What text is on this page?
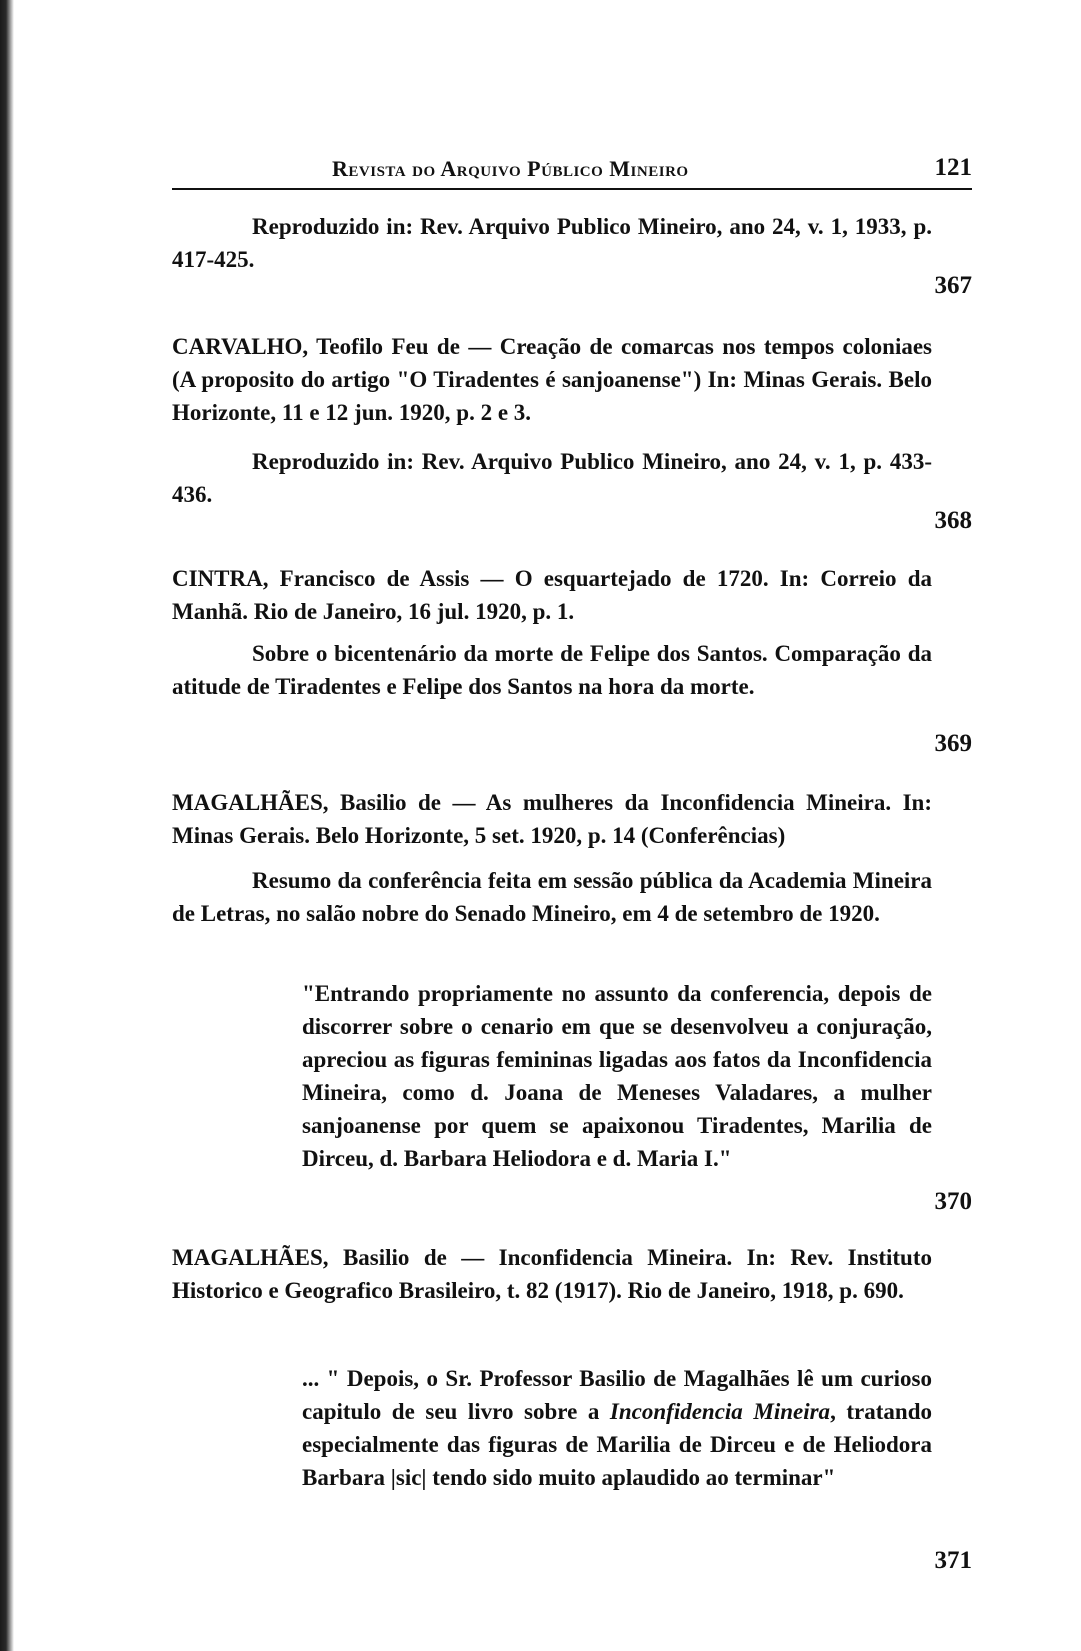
Revista do Arquivo Público Mineiro	121
Reproduzido in: Rev. Arquivo Publico Mineiro, ano 24, v. 1, 1933, p. 417-425.
367
CARVALHO, Teofilo Feu de — Creação de comarcas nos tempos coloniaes (A proposito do artigo "O Tiradentes é sanjoanense") In: Minas Gerais. Belo Horizonte, 11 e 12 jun. 1920, p. 2 e 3.
Reproduzido in: Rev. Arquivo Publico Mineiro, ano 24, v. 1, p. 433-436.
368
CINTRA, Francisco de Assis — O esquartejado de 1720. In: Correio da Manhã. Rio de Janeiro, 16 jul. 1920, p. 1.
Sobre o bicentenário da morte de Felipe dos Santos. Comparação da atitude de Tiradentes e Felipe dos Santos na hora da morte.
369
MAGALHÃES, Basilio de — As mulheres da Inconfidencia Mineira. In: Minas Gerais. Belo Horizonte, 5 set. 1920, p. 14 (Conferências)
Resumo da conferência feita em sessão pública da Academia Mineira de Letras, no salão nobre do Senado Mineiro, em 4 de setembro de 1920.
"Entrando propriamente no assunto da conferencia, depois de discorrer sobre o cenario em que se desenvolveu a conjuração, apreciou as figuras femininas ligadas aos fatos da Inconfidencia Mineira, como d. Joana de Meneses Valadares, a mulher sanjoanense por quem se apaixonou Tiradentes, Marilia de Dirceu, d. Barbara Heliodora e d. Maria I."
370
MAGALHÃES, Basilio de — Inconfidencia Mineira. In: Rev. Instituto Historico e Geografico Brasileiro, t. 82 (1917). Rio de Janeiro, 1918, p. 690.
... " Depois, o Sr. Professor Basilio de Magalhães lê um curioso capitulo de seu livro sobre a Inconfidencia Mineira, tratando especialmente das figuras de Marilia de Dirceu e de Heliodora Barbara |sic| tendo sido muito aplaudido ao terminar"
371
